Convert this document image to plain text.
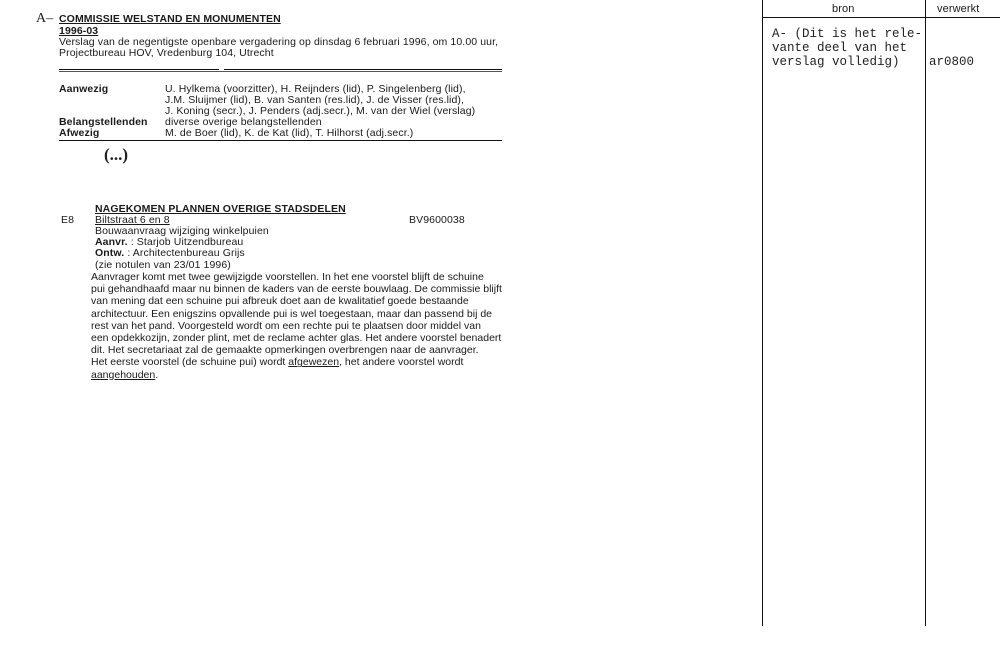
A– COMMISSIE WELSTAND EN MONUMENTEN
1996-03
Verslag van de negentigste openbare vergadering op dinsdag 6 februari 1996, om 10.00 uur,
Projectbureau HOV, Vredenburg 104, Utrecht
Aanwezig	U. Hylkema (voorzitter), H. Reijnders (lid), P. Singelenberg (lid),
J.M. Sluijmer (lid), B. van Santen (res.lid), J. de Visser (res.lid),
J. Koning (secr.), J. Penders (adj.secr.), M. van der Wiel (verslag)
Belangstellenden diverse overige belangstellenden
Afwezig	M. de Boer (lid), K. de Kat (lid), T. Hilhorst (adj.secr.)
(...)
NAGEKOMEN PLANNEN OVERIGE STADSDELEN
E8 Biltstraat 6 en 8	BV9600038
Bouwaanvraag wijziging winkelpuien
Aanvr. : Starjob Uitzendbureau
Ontw. : Architectenbureau Grijs
(zie notulen van 23/01 1996)
Aanvrager komt met twee gewijzigde voorstellen. In het ene voorstel blijft de schuine
pui gehandhaafd maar nu binnen de kaders van de eerste bouwlaag. De commissie blijft
van mening dat een schuine pui afbreuk doet aan de kwalitatief goede bestaande
architectuur. Een enigszins opvallende pui is wel toegestaan, maar dan passend bij de
rest van het pand. Voorgesteld wordt om een rechte pui te plaatsen door middel van
een opdekkozijn, zonder plint, met de reclame achter glas. Het andere voorstel benadert
dit. Het secretariaat zal de gemaakte opmerkingen overbrengen naar de aanvrager.
Het eerste voorstel (de schuine pui) wordt afgewezen, het andere voorstel wordt
aangehouden.
bron	verwerkt
A- (Dit is het rele-
vante deel van het
verslag volledig) ar0800
